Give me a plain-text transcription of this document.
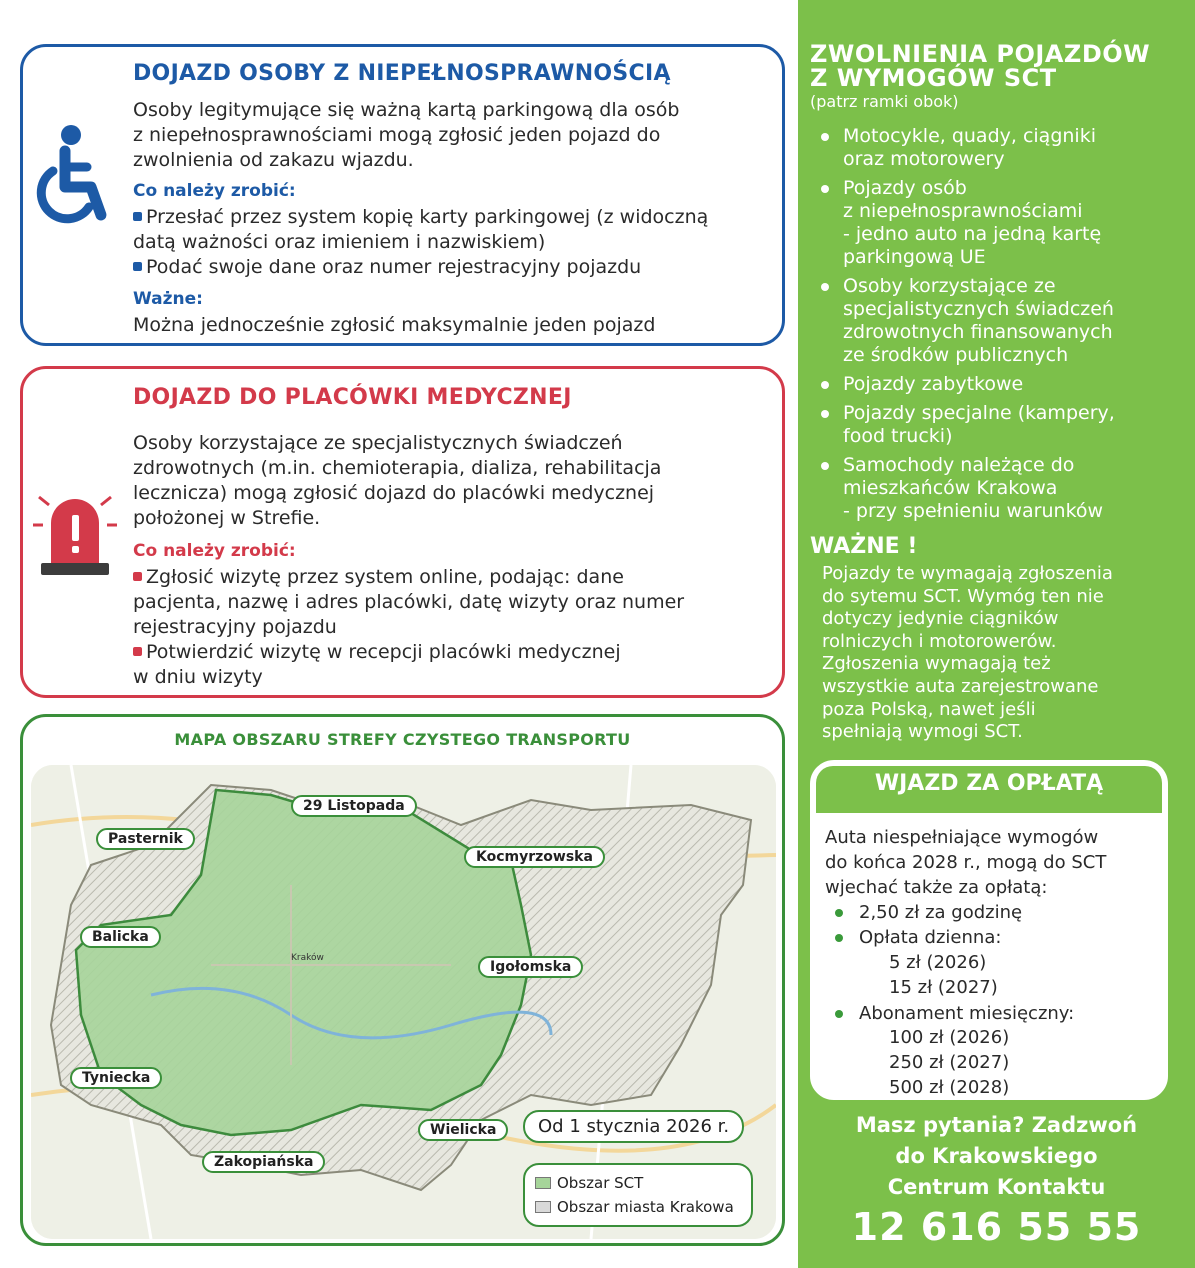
DOJAZD OSOBY Z NIEPEŁNOSPRAWNOŚCIĄ
Osoby legitymujące się ważną kartą parkingową dla osób
z niepełnosprawnościami mogą zgłosić jeden pojazd do
zwolnienia od zakazu wjazdu.
Co należy zrobić:
Przesłać przez system kopię karty parkingowej (z widoczną
datą ważności oraz imieniem i nazwiskiem)
Podać swoje dane oraz numer rejestracyjny pojazdu
Ważne:
Można jednocześnie zgłosić maksymalnie jeden pojazd
DOJAZD DO PLACÓWKI MEDYCZNEJ
Osoby korzystające ze specjalistycznych świadczeń
zdrowotnych (m.in. chemioterapia, dializa, rehabilitacja
lecznicza) mogą zgłosić dojazd do placówki medycznej
położonej w Strefie.
Co należy zrobić:
Zgłosić wizytę przez system online, podając: dane
pacjenta, nazwę i adres placówki, datę wizyty oraz numer
rejestracyjny pojazdu
Potwierdzić wizytę w recepcji placówki medycznej
w dniu wizyty
MAPA OBSZARU STREFY CZYSTEGO TRANSPORTU
Kraków
29 Listopada
Pasternik
Kocmyrzowska
Balicka
Igołomska
Tyniecka
Wielicka
Zakopiańska
Od 1 stycznia 2026 r.
Obszar SCT
Obszar miasta Krakowa
ZWOLNIENIA POJAZDÓW
Z WYMOGÓW SCT
(patrz ramki obok)
Motocykle, quady, ciągniki
oraz motorowery
Pojazdy osób
z niepełnosprawnościami
- jedno auto na jedną kartę
parkingową UE
Osoby korzystające ze
specjalistycznych świadczeń
zdrowotnych finansowanych
ze środków publicznych
Pojazdy zabytkowe
Pojazdy specjalne (kampery,
food trucki)
Samochody należące do
mieszkańców Krakowa
- przy spełnieniu warunków
WAŻNE !
Pojazdy te wymagają zgłoszenia
do sytemu SCT. Wymóg ten nie
dotyczy jedynie ciągników
rolniczych i motorowerów.
Zgłoszenia wymagają też
wszystkie auta zarejestrowane
poza Polską, nawet jeśli
spełniają wymogi SCT.
WJAZD ZA OPŁATĄ
Auta niespełniające wymogów
do końca 2028 r., mogą do SCT
wjechać także za opłatą:
2,50 zł za godzinę
Opłata dzienna:
5 zł (2026)
15 zł (2027)
Abonament miesięczny:
100 zł (2026)
250 zł (2027)
500 zł (2028)
Masz pytania? Zadzwoń
do Krakowskiego
Centrum Kontaktu
12 616 55 55
